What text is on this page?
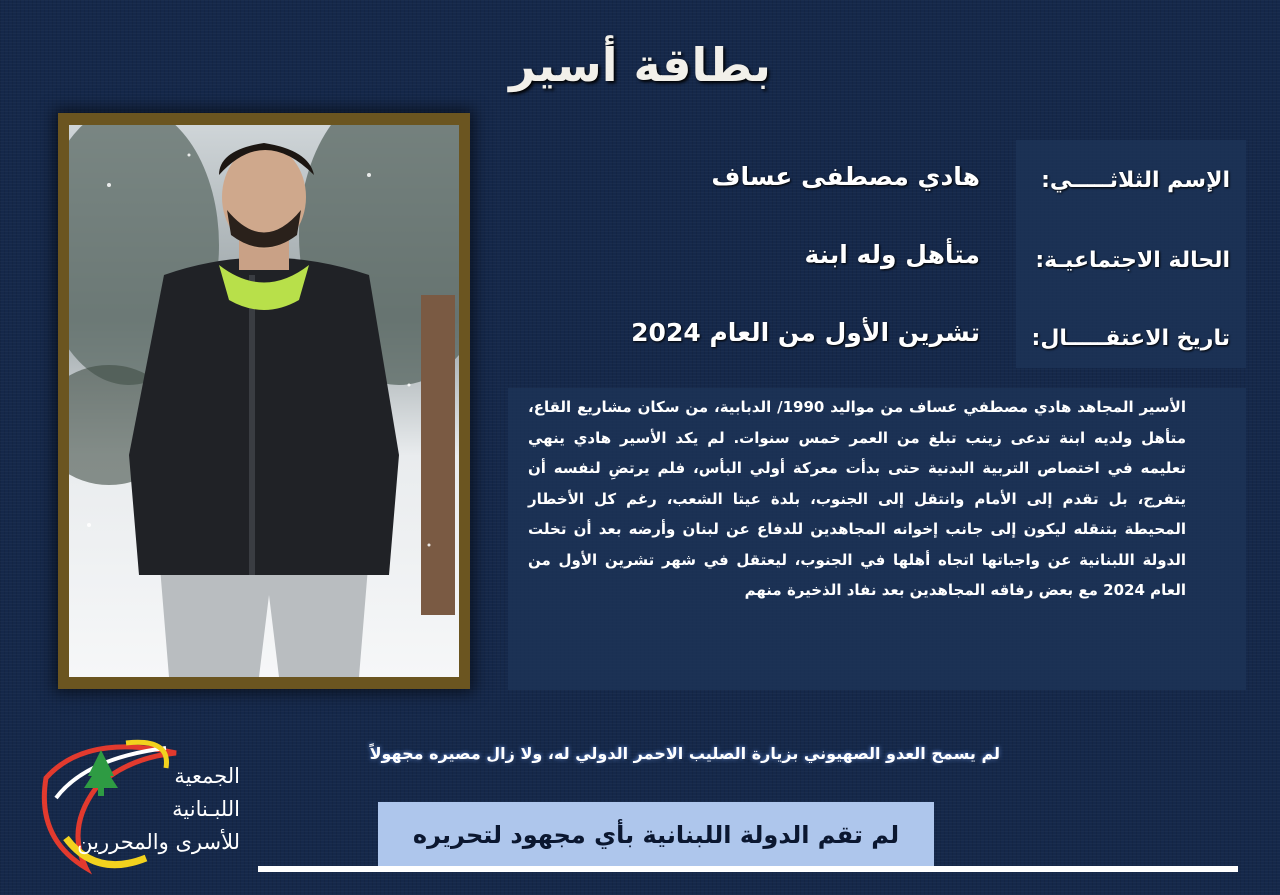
بطاقة أسير
الإسم الثلاثـــــي:
هادي مصطفى عساف
الحالة الاجتماعيـة:
متأهل وله ابنة
تاريخ الاعتقـــــال:
تشرين الأول من العام 2024
الأسير المجاهد هادي مصطفي عساف من مواليد 1990/ الدبابية، من سكان مشاريع القاع، متأهل ولديه ابنة تدعى زينب تبلغ من العمر خمس سنوات. لم يكد الأسير هادي ينهي تعليمه في اختصاص التربية البدنية حتى بدأت معركة أولي البأس، فلم يرتضِ لنفسه أن يتفرج، بل تقدم إلى الأمام وانتقل إلى الجنوب، بلدة عيتا الشعب، رغم كل الأخطار المحيطة بتنقله ليكون إلى جانب إخوانه المجاهدين للدفاع عن لبنان وأرضه بعد أن تخلت الدولة اللبنانية عن واجباتها اتجاه أهلها في الجنوب، ليعتقل في شهر تشرين الأول من العام 2024 مع بعض رفاقه المجاهدين بعد نفاد الذخيرة منهم
لم يسمح العدو الصهيوني بزيارة الصليب الاحمر الدولي له، ولا زال مصيره مجهولاً
لم تقم الدولة اللبنانية بأي مجهود لتحريره
الجمعية
اللبـنانية
للأسرى والمحررين
